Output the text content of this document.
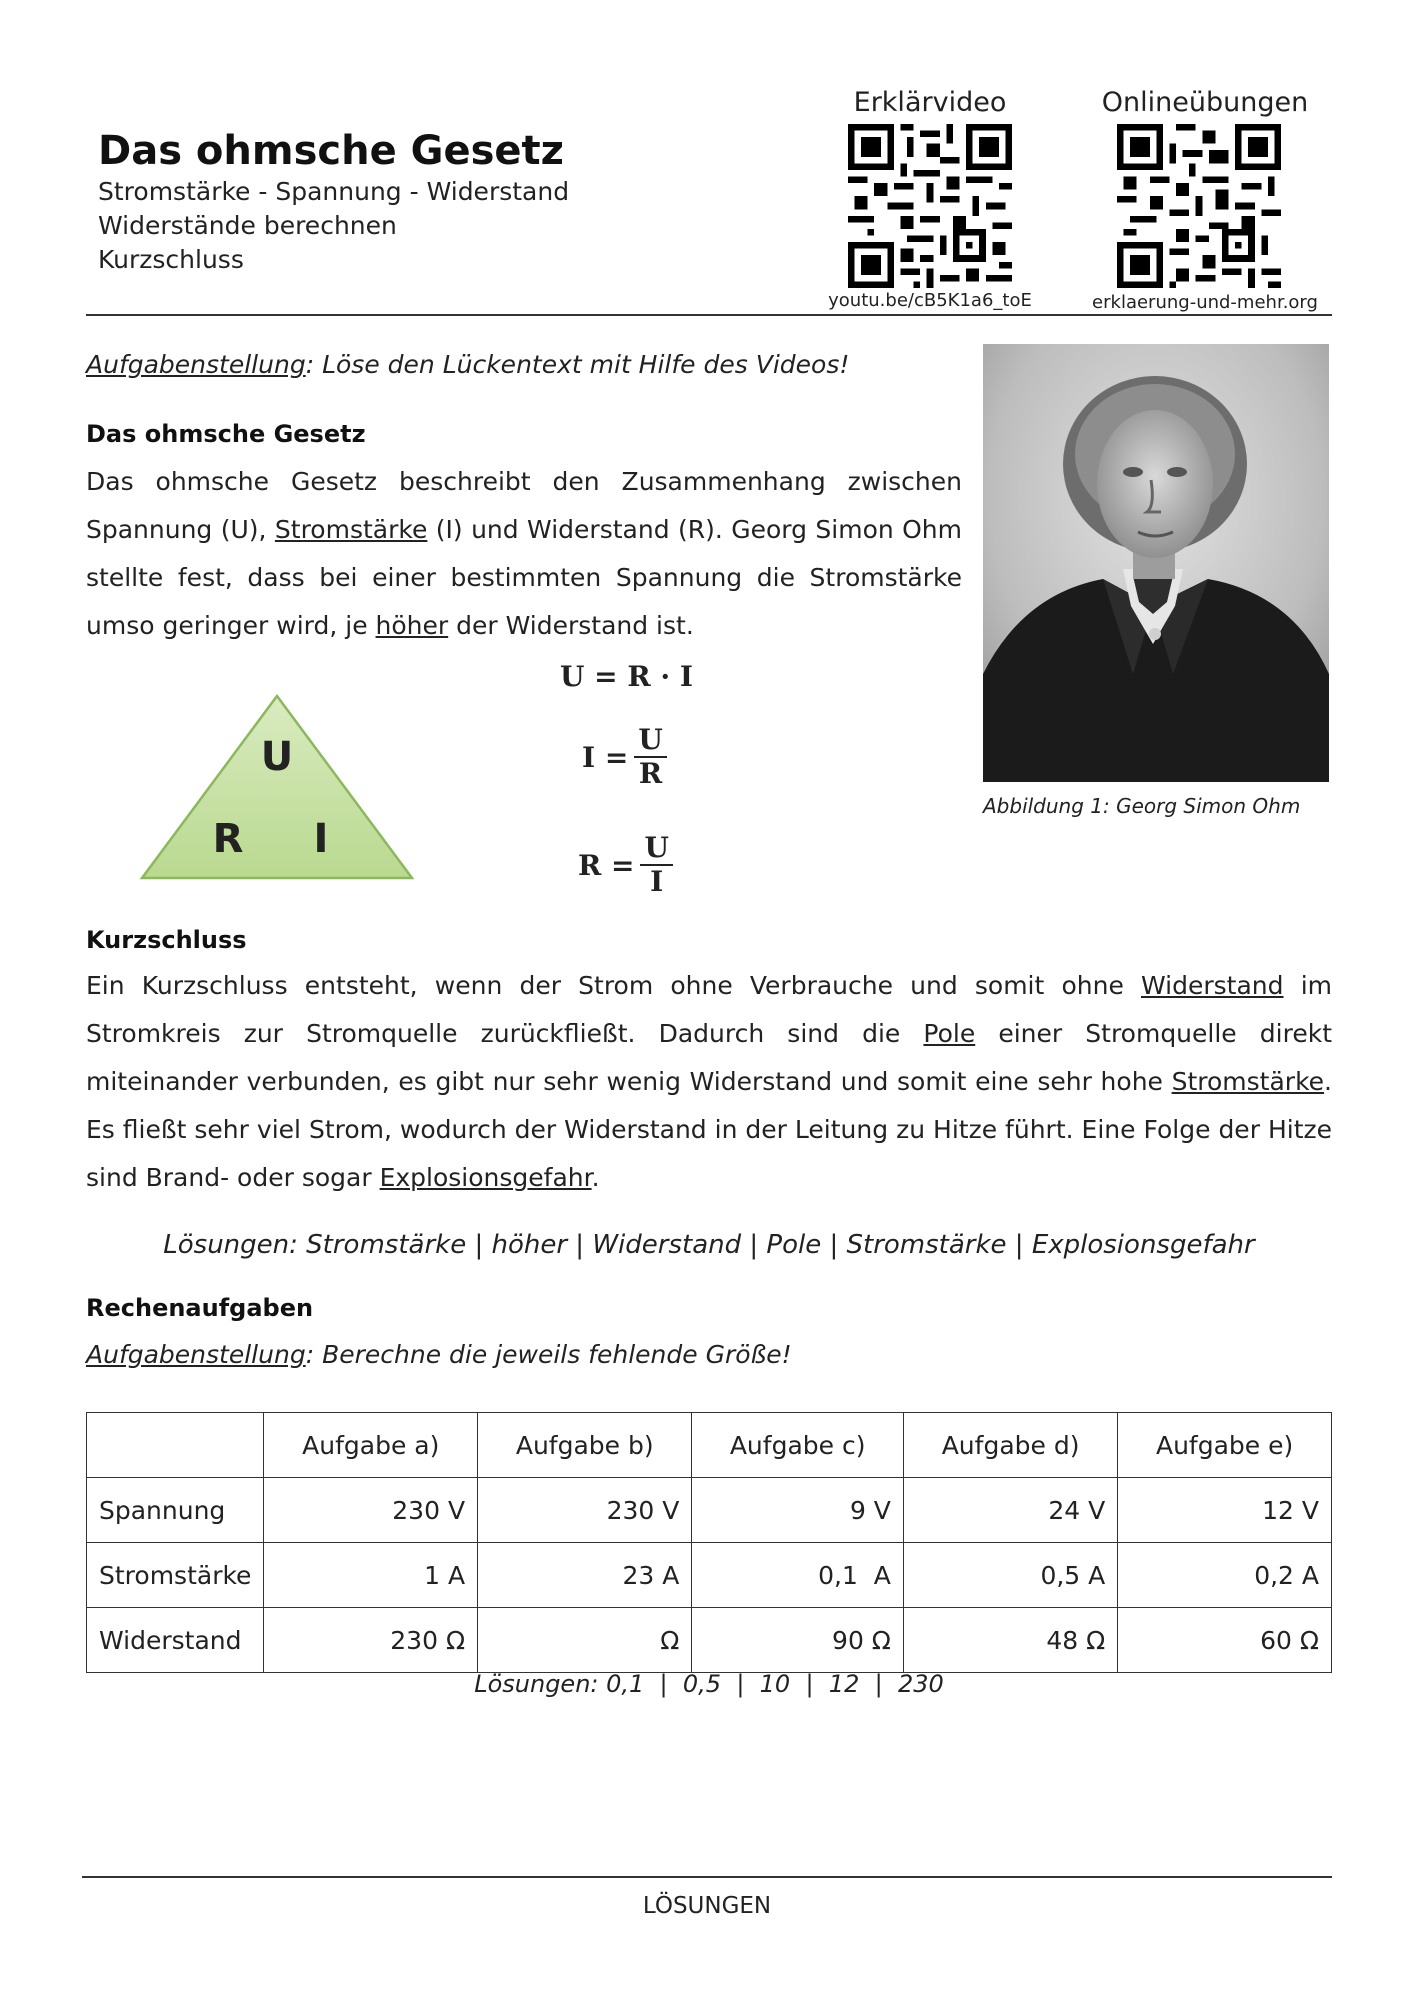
Das ohmsche Gesetz
Stromstärke - Spannung - Widerstand
Widerstände berechnen
Kurzschluss
Erklärvideo	Onlineübungen
youtu.be/cB5K1a6_toE	erklaerung-und-mehr.org
Aufgabenstellung: Löse den Lückentext mit Hilfe des Videos!
Das ohmsche Gesetz
Das ohmsche Gesetz beschreibt den Zusammenhang zwischen Spannung (U), Stromstärke (I) und Widerstand (R). Georg Simon Ohm stellte fest, dass bei einer bestimmten Spannung die Stromstärke umso geringer wird, je höher der Widerstand ist.
U
R I
U = R · I
$I = \frac{U}{R}$
$R = \frac{U}{I}$
Abbildung 1: Georg Simon Ohm
Kurzschluss
Ein Kurzschluss entsteht, wenn der Strom ohne Verbrauche und somit ohne Widerstand im Stromkreis zur Stromquelle zurückfließt. Dadurch sind die Pole einer Stromquelle direkt miteinander verbunden, es gibt nur sehr wenig Widerstand und somit eine sehr hohe Stromstärke. Es fließt sehr viel Strom, wodurch der Widerstand in der Leitung zu Hitze führt. Eine Folge der Hitze sind Brand- oder sogar Explosionsgefahr.
Lösungen: Stromstärke | höher | Widerstand | Pole | Stromstärke | Explosionsgefahr
Rechenaufgaben
Aufgabenstellung: Berechne die jeweils fehlende Größe!
	Aufgabe a)	Aufgabe b)	Aufgabe c)	Aufgabe d)	Aufgabe e)
Spannung	230 V	230 V	9 V	24 V	12 V
Stromstärke	1 A	23 A	0,1  A	0,5 A	0,2 A
Widerstand	230 Ω	Ω	90 Ω	48 Ω	60 Ω
Lösungen: 0,1  |  0,5  |  10  |  12  |  230
LÖSUNGEN
